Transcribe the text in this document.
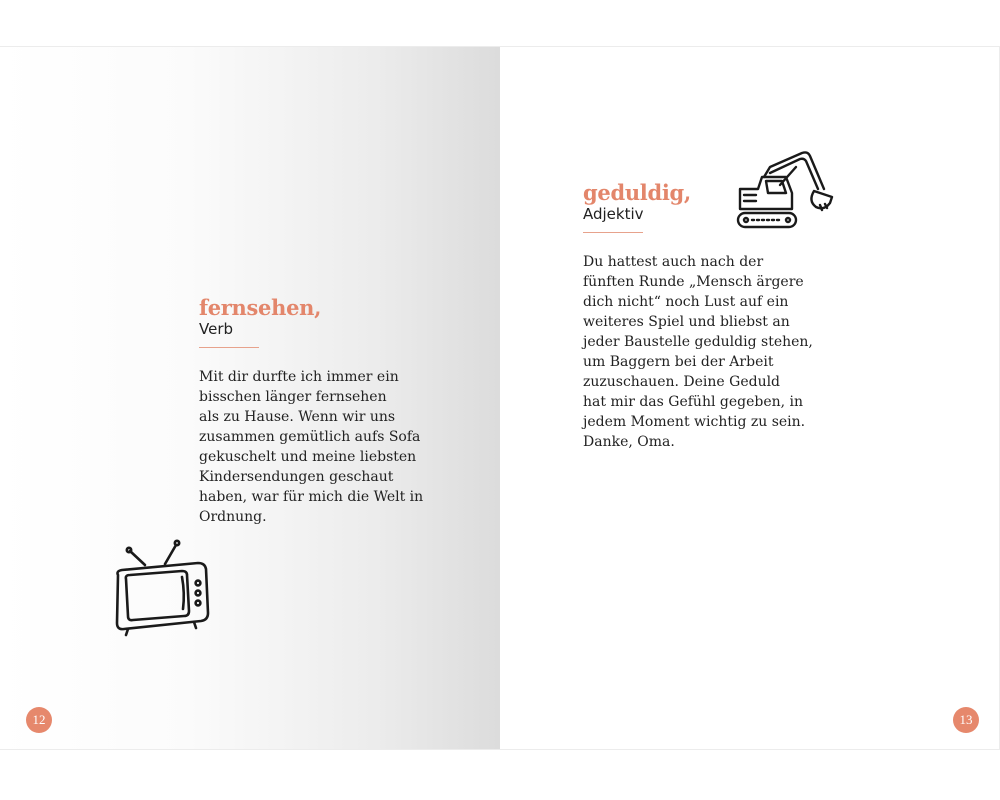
fernsehen,
Verb
Mit dir durfte ich immer ein
bisschen länger fernsehen
als zu Hause. Wenn wir uns
zusammen gemütlich aufs Sofa
gekuschelt und meine liebsten
Kindersendungen geschaut
haben, war für mich die Welt in
Ordnung.
12
geduldig,
Adjektiv
Du hattest auch nach der
fünften Runde „Mensch ärgere
dich nicht“ noch Lust auf ein
weiteres Spiel und bliebst an
jeder Baustelle geduldig stehen,
um Baggern bei der Arbeit
zuzuschauen. Deine Geduld
hat mir das Gefühl gegeben, in
jedem Moment wichtig zu sein.
Danke, Oma.
13
